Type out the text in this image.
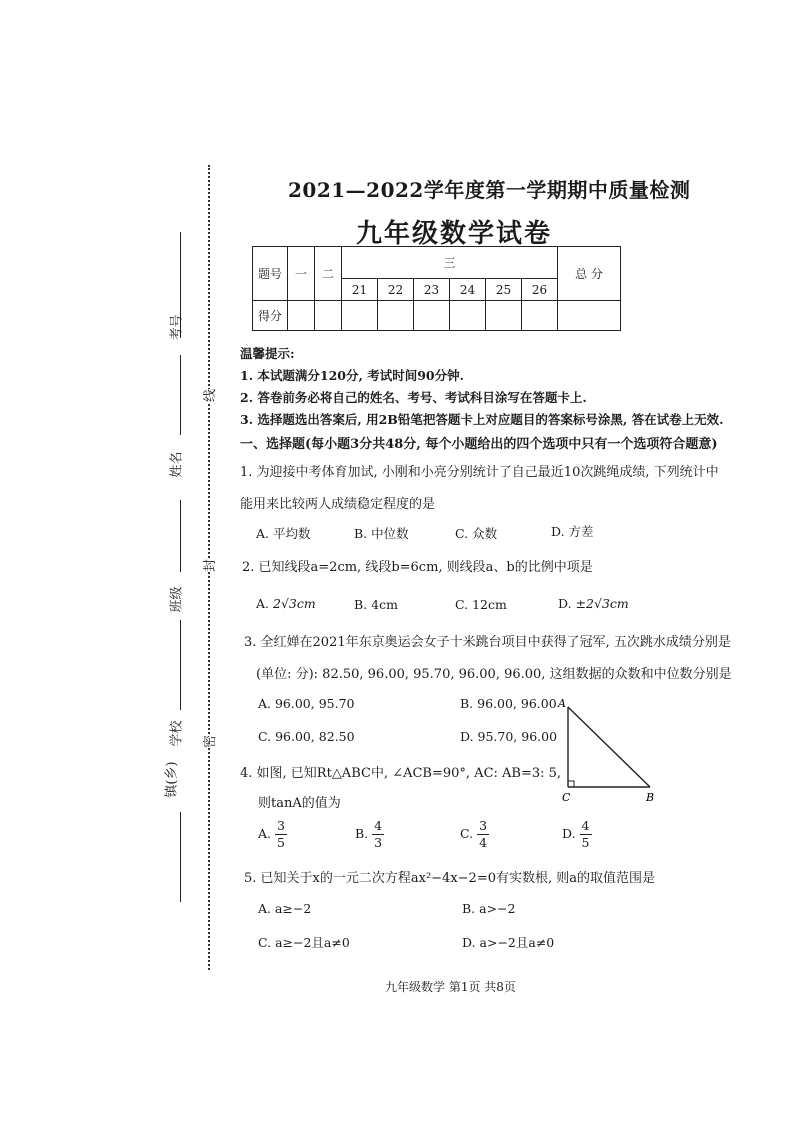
考号
姓名
班级
学校
镇(乡)
线
封
密
2021—2022学年度第一学期期中质量检测
九年级数学试卷
题号	一	二	三						总 分
			21	22	23	24	25	26	
得分									
温馨提示:
1. 本试题满分120分, 考试时间90分钟.
2. 答卷前务必将自己的姓名、考号、考试科目涂写在答题卡上.
3. 选择题选出答案后, 用2B铅笔把答题卡上对应题目的答案标号涂黑, 答在试卷上无效.
一、选择题(每小题3分共48分, 每个小题给出的四个选项中只有一个选项符合题意)
1. 为迎接中考体育加试, 小刚和小亮分别统计了自己最近10次跳绳成绩, 下列统计中
能用来比较两人成绩稳定程度的是
A. 平均数	B. 中位数	C. 众数	D. 方差
2. 已知线段a=2cm, 线段b=6cm, 则线段a、b的比例中项是
A. 2√3cm	B. 4cm	C. 12cm	D. ±2√3cm
3. 全红婵在2021年东京奥运会女子十米跳台项目中获得了冠军, 五次跳水成绩分别是
(单位: 分): 82.50, 96.00, 95.70, 96.00, 96.00, 这组数据的众数和中位数分别是
A. 96.00, 95.70	B. 96.00, 96.00
C. 96.00, 82.50	D. 95.70, 96.00
A
C	B
4. 如图, 已知Rt△ABC中, ∠ACB=90°, AC: AB=3: 5,
则tanA的值为
A. $\frac{3}{5}$	B. $\frac{4}{3}$	C. $\frac{3}{4}$	D. $\frac{4}{5}$
5. 已知关于x的一元二次方程ax²−4x−2=0有实数根, 则a的取值范围是
A. a≥−2	B. a>−2
C. a≥−2且a≠0	D. a>−2且a≠0
九年级数学 第1页 共8页
